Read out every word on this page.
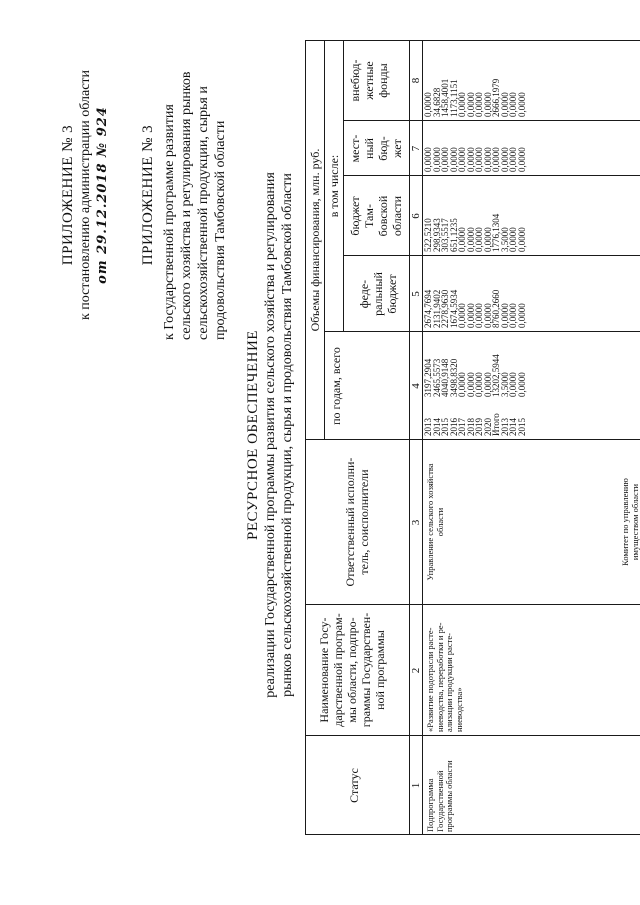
ПРИЛОЖЕНИЕ № 3 к постановлению администрации области от 29.12.2018 № 924 ПРИЛОЖЕНИЕ № 3 к Государственной программе развития сельского хозяйства и регулирования рынков сельскохозяйственной продукции, сырья и продовольствия Тамбовской области
РЕСУРСНОЕ ОБЕСПЕЧЕНИЕ реализации Государственной программы развития сельского хозяйства и регулирования рынков сельскохозяйственной продукции, сырья и продовольствия Тамбовской области
Статус
Наименование Госу- дарственной програм- мы области, подпро- граммы Государствен- ной программы
Ответственный исполни- тель, соисполнители
Объемы финансирования, млн. руб.
по годам, всего
в том числе:
феде- ральный бюджет
бюджет Там- бовской области
мест- ный бюд- жет
внебюд- жетные фонды
1
2
3
4
5
6
7
8
Подпрограмма Государственной программы области
«Развитие подотрасли расте- ниеводства, переработки и ре- ализации продукции расте- ниеводства»
Управление сельского хозяйства области	Комитет по управлению имуществом области
2013
2014
2015
2016
2017
2018
2019
2020
Итого
2013
2014
2015
3197,2904
2465,5573
4040,9148
3498,8320
0,0000
0,0000
0,0000
0,0000
13202,5944
3,5000
0,0000
0,0000
2674,7694
2131,9402
2278,9630
1674,5934
0,0000
0,0000
0,0000
0,0000
8760,2660
0,0000
0,0000
0,0000
522,5210
298,9343
303,5517
651,1235
0,0000
0,0000
0,0000
0,0000
1776,1304
3,5000
0,0000
0,0000
0,0000
0,0000
0,0000
0,0000
0,0000
0,0000
0,0000
0,0000
0,0000
0,0000
0,0000
0,0000
0,0000
34,6828
1458,4001
1173,1151
0,0000
0,0000
0,0000
0,0000
2666,1979
0,0000
0,0000
0,0000
